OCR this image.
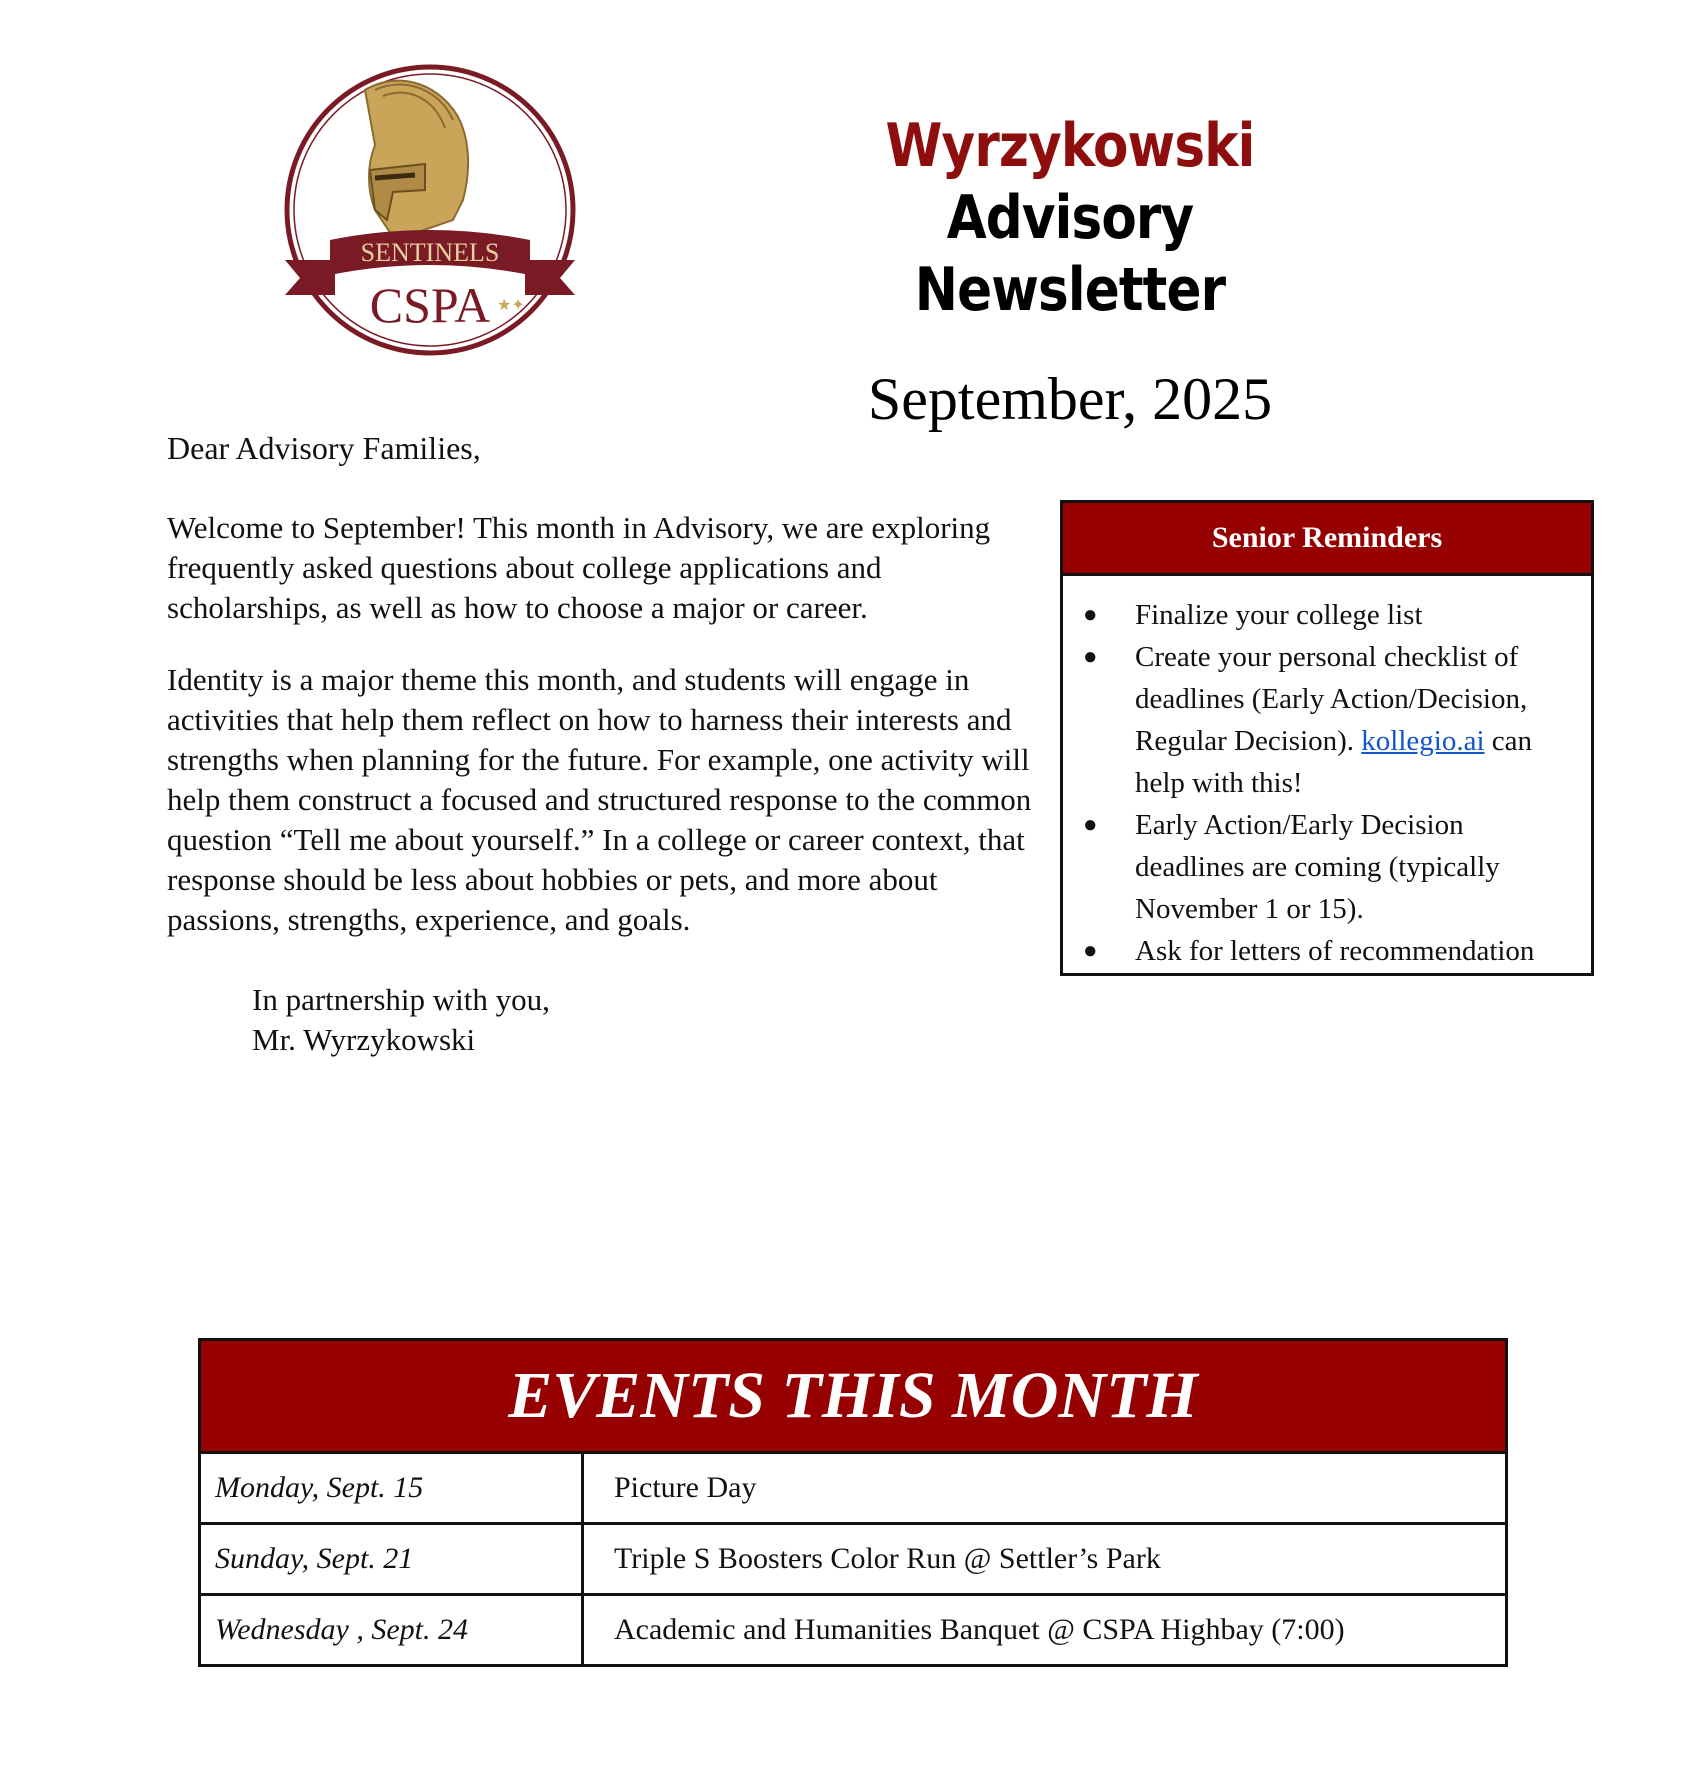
SENTINELS
CSPA ★✦
Wyrzykowski
Advisory Newsletter
September, 2025
Dear Advisory Families,

Welcome to September! This month in Advisory, we are exploring frequently asked questions about college applications and scholarships, as well as how to choose a major or career.

Identity is a major theme this month, and students will engage in activities that help them reflect on how to harness their interests and strengths when planning for the future. For example, one activity will help them construct a focused and structured response to the common question “Tell me about yourself.” In a college or career context, that response should be less about hobbies or pets, and more about passions, strengths, experience, and goals.

In partnership with you,
Mr. Wyrzykowski
Senior Reminders
● Finalize your college list
● Create your personal checklist of deadlines (Early Action/Decision, Regular Decision). kollegio.ai can help with this!
● Early Action/Early Decision deadlines are coming (typically November 1 or 15).
● Ask for letters of recommendation
EVENTS THIS MONTH	
Monday, Sept. 15	Picture Day
Sunday, Sept. 21	Triple S Boosters Color Run @ Settler’s Park
Wednesday , Sept. 24	Academic and Humanities Banquet @ CSPA Highbay (7:00)
